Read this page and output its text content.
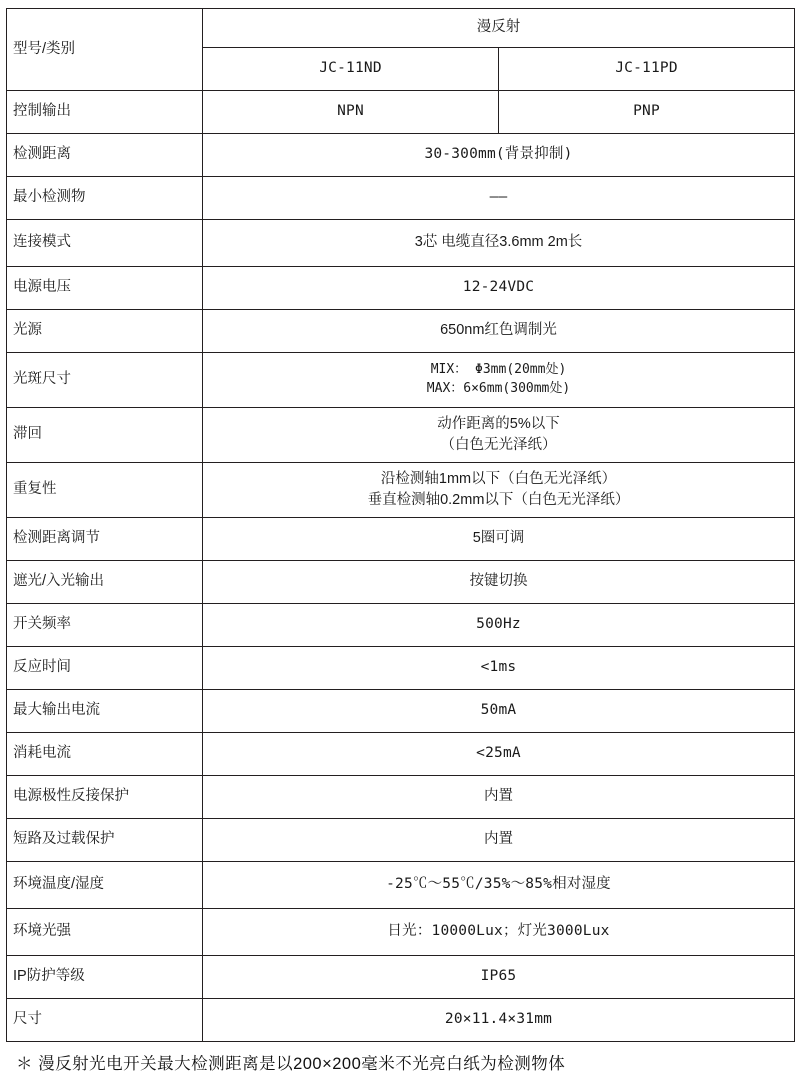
型号/类别	漫反射	
	JC-11ND	JC-11PD
控制输出	NPN	PNP
检测距离	30-300mm(背景抑制)	
最小检测物	——	
连接模式	3芯 电缆直径3.6mm 2m长	
电源电压	12-24VDC	
光源	650nm红色调制光	
光斑尺寸	MIX： Φ3mm(20mm处)
MAX：6×6mm(300mm处)	

滞回	动作距离的5%以下
（白色无光泽纸）	

重复性	沿检测轴1mm以下（白色无光泽纸）
垂直检测轴0.2mm以下（白色无光泽纸）	

检测距离调节	5圈可调	
遮光/入光输出	按键切换	
开关频率	500Hz	
反应时间	<1ms	
最大输出电流	50mA	
消耗电流	<25mA	
电源极性反接保护	内置	
短路及过载保护	内置	
环境温度/湿度	-25℃～55℃/35%～85%相对湿度	
环境光强	日光：10000Lux；灯光3000Lux	
IP防护等级	IP65	
尺寸	20×11.4×31mm	
＊ 漫反射光电开关最大检测距离是以200×200毫米不光亮白纸为检测物体
